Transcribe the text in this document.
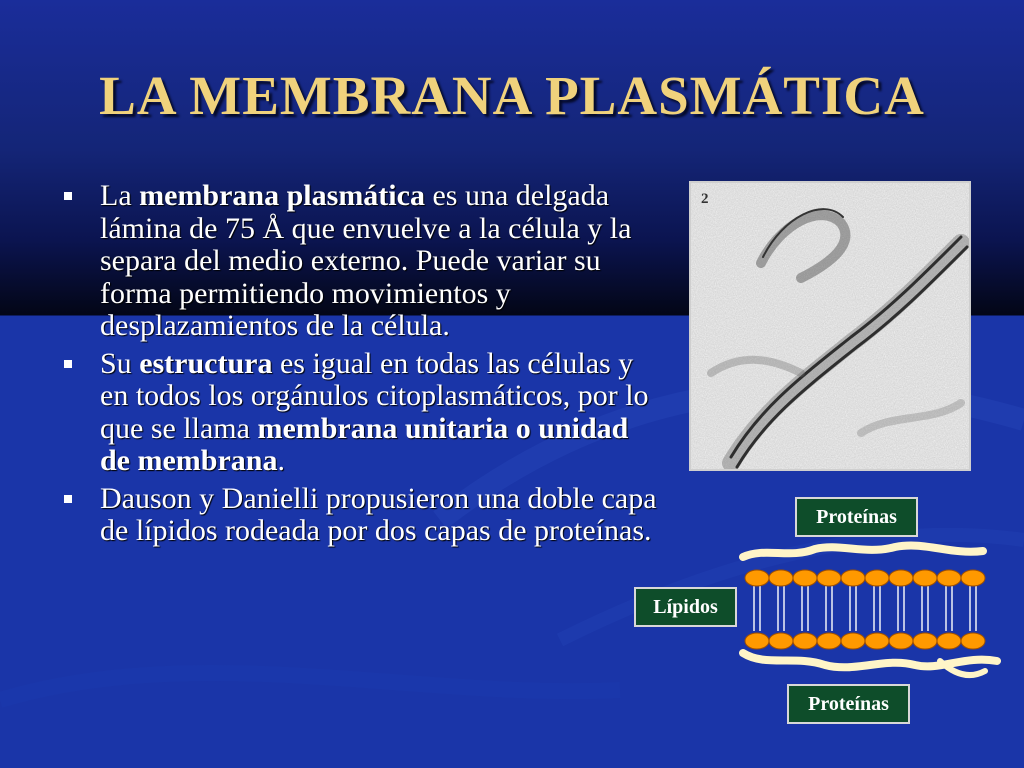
LA MEMBRANA PLASMÁTICA
La membrana plasmática es una delgada lámina de 75 Å que envuelve a la célula y la separa del medio externo. Puede variar su forma permitiendo movimientos y desplazamientos de la célula.
Su estructura es igual en todas las células y en todos los orgánulos citoplasmáticos, por lo que se llama membrana unitaria o unidad de membrana.
Dauson y Danielli propusieron una doble capa de lípidos rodeada por dos capas de proteínas.
2
Proteínas
Lípidos
Proteínas
